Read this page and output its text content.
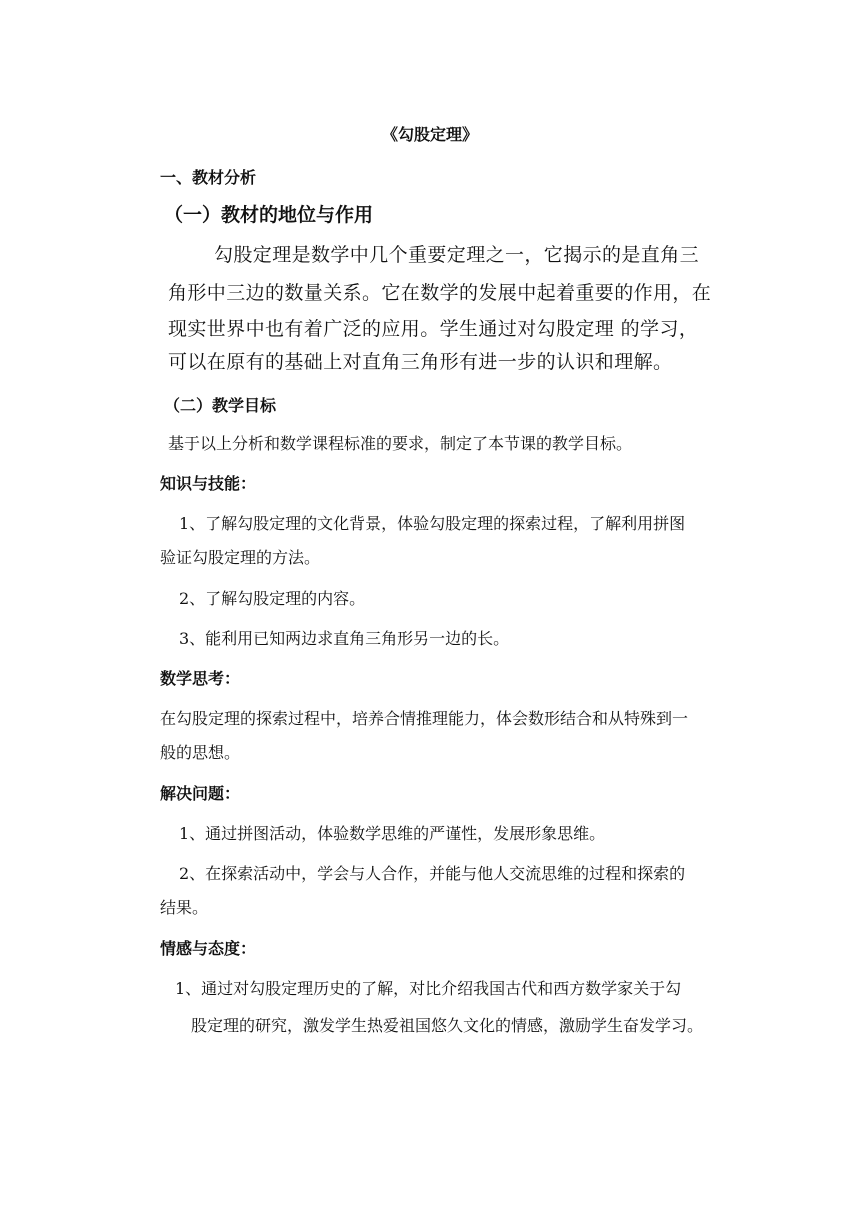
《勾股定理》
一、教材分析
（一）教材的地位与作用
勾股定理是数学中几个重要定理之一，它揭示的是直角三
角形中三边的数量关系。它在数学的发展中起着重要的作用，在
现实世界中也有着广泛的应用。学生通过对勾股定理 的学习，
可以在原有的基础上对直角三角形有进一步的认识和理解。
（二）教学目标
基于以上分析和数学课程标准的要求，制定了本节课的教学目标。
知识与技能：
1、了解勾股定理的文化背景，体验勾股定理的探索过程，了解利用拼图
验证勾股定理的方法。
2、了解勾股定理的内容。
3、能利用已知两边求直角三角形另一边的长。
数学思考：
在勾股定理的探索过程中，培养合情推理能力，体会数形结合和从特殊到一
般的思想。
解决问题：
1、通过拼图活动，体验数学思维的严谨性，发展形象思维。
2、在探索活动中，学会与人合作，并能与他人交流思维的过程和探索的
结果。
情感与态度：
1、通过对勾股定理历史的了解，对比介绍我国古代和西方数学家关于勾
股定理的研究，激发学生热爱祖国悠久文化的情感，激励学生奋发学习。
